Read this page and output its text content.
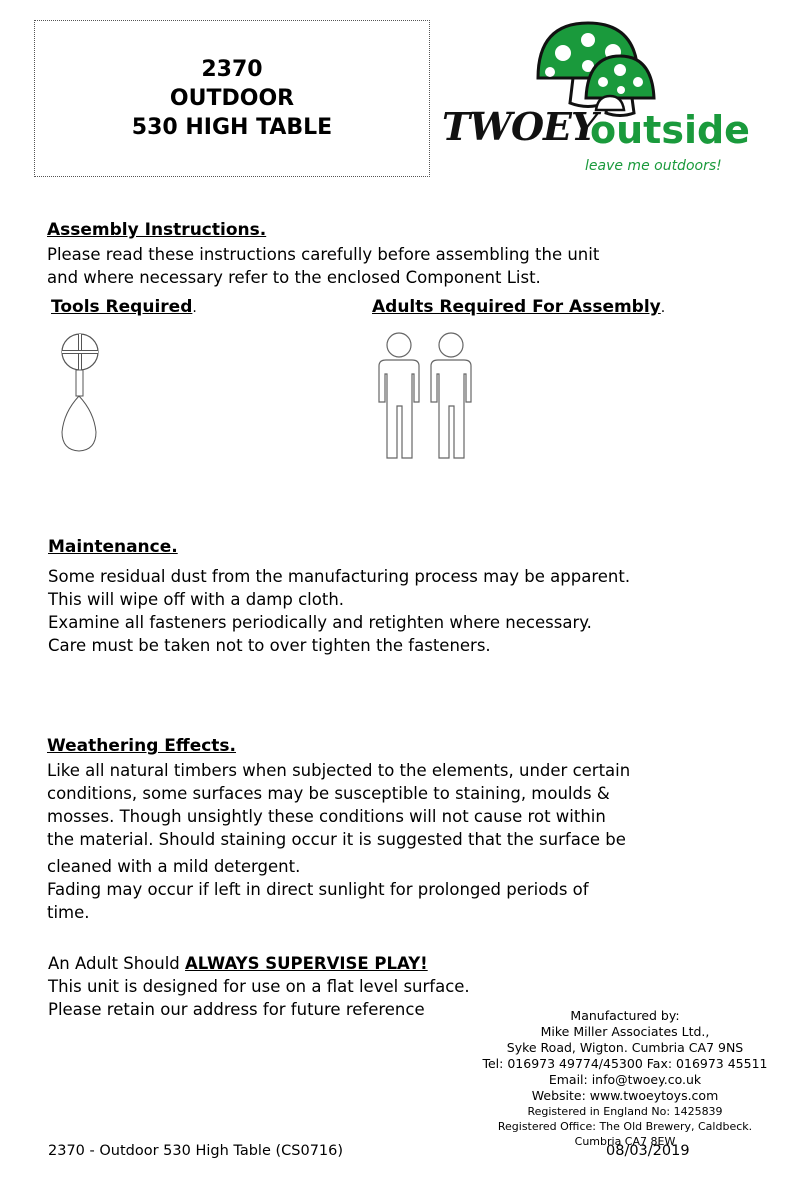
2370
OUTDOOR
530 HIGH TABLE	TWOEY
outside
leave me outdoors!
Assembly Instructions.
Please read these instructions carefully before assembling the unit
and where necessary refer to the enclosed Component List.
Tools Required.	Adults Required For Assembly.
Maintenance.
Some residual dust from the manufacturing process may be apparent.
This will wipe off with a damp cloth.
Examine all fasteners periodically and retighten where necessary.
Care must be taken not to over tighten the fasteners.
Weathering Effects.
Like all natural timbers when subjected to the elements, under certain
conditions, some surfaces may be susceptible to staining, moulds &
mosses. Though unsightly these conditions will not cause rot within
the material. Should staining occur it is suggested that the surface be
cleaned with a mild detergent.
Fading may occur if left in direct sunlight for prolonged periods of
time.
An Adult Should ALWAYS SUPERVISE PLAY!
This unit is designed for use on a flat level surface.
Please retain our address for future reference	Manufactured by:
Mike Miller Associates Ltd.,
Syke Road, Wigton. Cumbria CA7 9NS
Tel: 016973 49774/45300 Fax: 016973 45511
Email: info@twoey.co.uk
Website: www.twoeytoys.com
Registered in England No: 1425839
Registered Office: The Old Brewery, Caldbeck.
Cumbria CA7 8EW
2370 - Outdoor 530 High Table (CS0716)	08/03/2019
